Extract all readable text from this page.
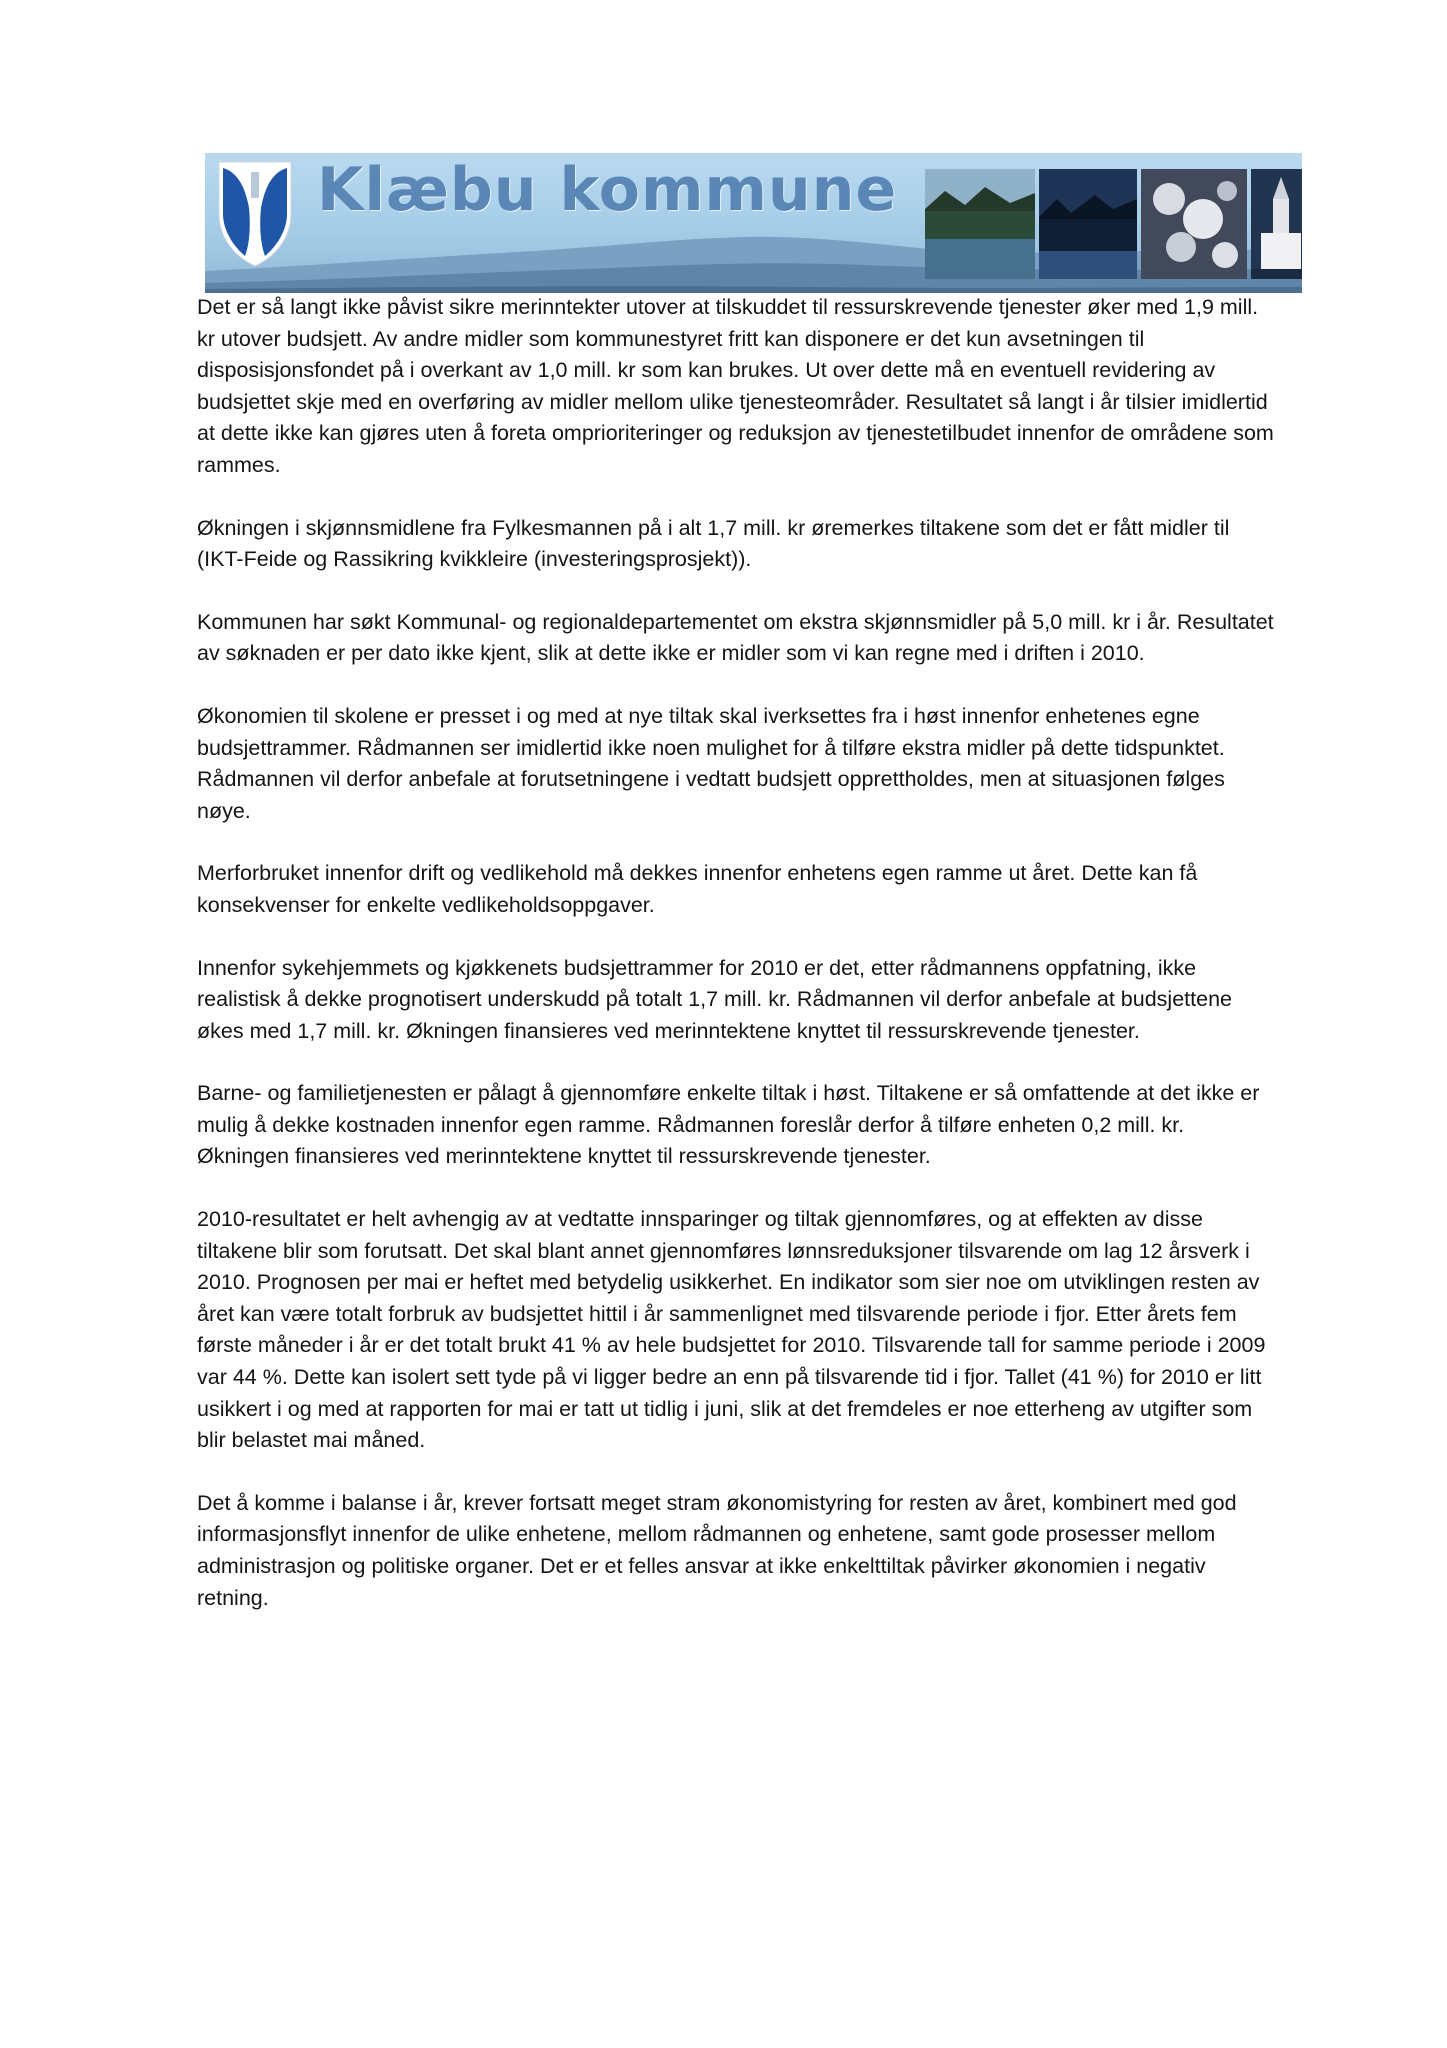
Klæbu kommune

Det er så langt ikke påvist sikre merinntekter utover at tilskuddet til ressurskrevende tjenester øker med 1,9 mill. kr utover budsjett. Av andre midler som kommunestyret fritt kan disponere er det kun avsetningen til disposisjonsfondet på i overkant av 1,0 mill. kr som kan brukes. Ut over dette må en eventuell revidering av budsjettet skje med en overføring av midler mellom ulike tjenesteområder. Resultatet så langt i år tilsier imidlertid at dette ikke kan gjøres uten å foreta omprioriteringer og reduksjon av tjenestetilbudet innenfor de områdene som rammes.

Økningen i skjønnsmidlene fra Fylkesmannen på i alt 1,7 mill. kr øremerkes tiltakene som det er fått midler til (IKT-Feide og Rassikring kvikkleire (investeringsprosjekt)).

Kommunen har søkt Kommunal- og regionaldepartementet om ekstra skjønnsmidler på 5,0 mill. kr i år. Resultatet av søknaden er per dato ikke kjent, slik at dette ikke er midler som vi kan regne med i driften i 2010.

Økonomien til skolene er presset i og med at nye tiltak skal iverksettes fra i høst innenfor enhetenes egne budsjettrammer. Rådmannen ser imidlertid ikke noen mulighet for å tilføre ekstra midler på dette tidspunktet. Rådmannen vil derfor anbefale at forutsetningene i vedtatt budsjett opprettholdes, men at situasjonen følges nøye.

Merforbruket innenfor drift og vedlikehold må dekkes innenfor enhetens egen ramme ut året. Dette kan få konsekvenser for enkelte vedlikeholdsoppgaver.

Innenfor sykehjemmets og kjøkkenets budsjettrammer for 2010 er det, etter rådmannens oppfatning, ikke realistisk å dekke prognotisert underskudd på totalt 1,7 mill. kr. Rådmannen vil derfor anbefale at budsjettene økes med 1,7 mill. kr. Økningen finansieres ved merinntektene knyttet til ressurskrevende tjenester.

Barne- og familietjenesten er pålagt å gjennomføre enkelte tiltak i høst. Tiltakene er så omfattende at det ikke er mulig å dekke kostnaden innenfor egen ramme. Rådmannen foreslår derfor å tilføre enheten 0,2 mill. kr. Økningen finansieres ved merinntektene knyttet til ressurskrevende tjenester.

2010-resultatet er helt avhengig av at vedtatte innsparinger og tiltak gjennomføres, og at effekten av disse tiltakene blir som forutsatt. Det skal blant annet gjennomføres lønnsreduksjoner tilsvarende om lag 12 årsverk i 2010. Prognosen per mai er heftet med betydelig usikkerhet. En indikator som sier noe om utviklingen resten av året kan være totalt forbruk av budsjettet hittil i år sammenlignet med tilsvarende periode i fjor. Etter årets fem første måneder i år er det totalt brukt 41 % av hele budsjettet for 2010. Tilsvarende tall for samme periode i 2009 var 44 %. Dette kan isolert sett tyde på vi ligger bedre an enn på tilsvarende tid i fjor. Tallet (41 %) for 2010 er litt usikkert i og med at rapporten for mai er tatt ut tidlig i juni, slik at det fremdeles er noe etterheng av utgifter som blir belastet mai måned.

Det å komme i balanse i år, krever fortsatt meget stram økonomistyring for resten av året, kombinert med god informasjonsflyt innenfor de ulike enhetene, mellom rådmannen og enhetene, samt gode prosesser mellom administrasjon og politiske organer. Det er et felles ansvar at ikke enkelttiltak påvirker økonomien i negativ retning.
